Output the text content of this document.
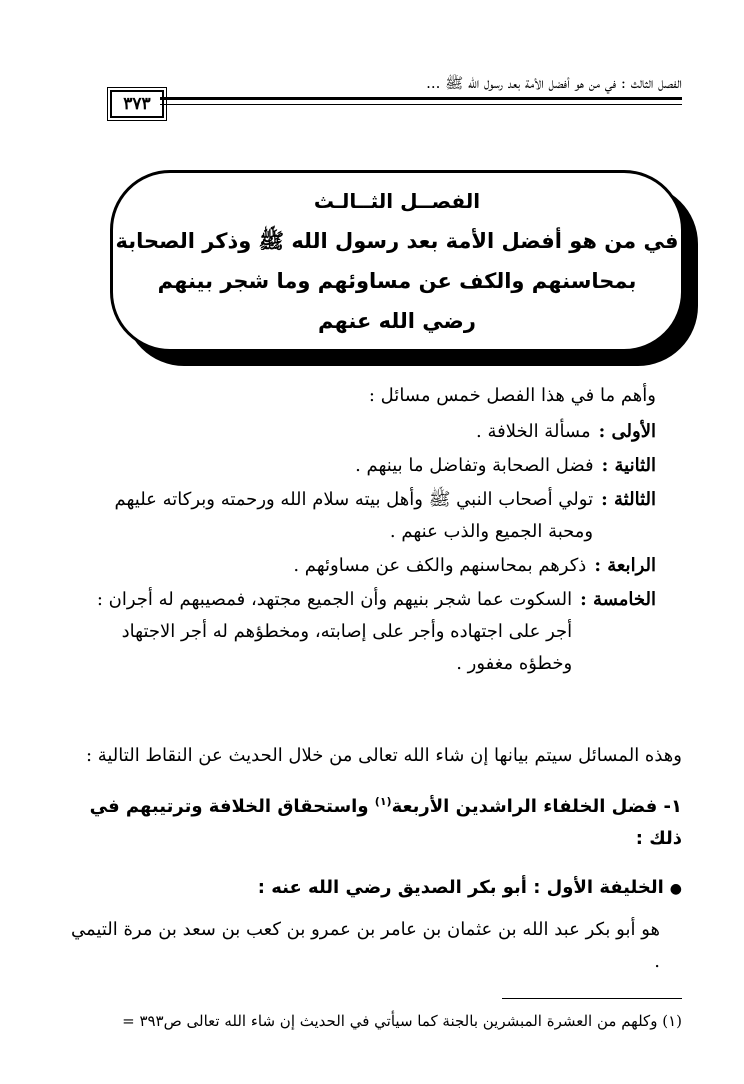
الفصل الثالث : في من هو أفضل الأمة بعد رسول الله ﷺ ...
٣٧٣
الفصــل الثــالـث
في من هو أفضل الأمة بعد رسول الله ﷺ وذكر الصحابة
بمحاسنهم والكف عن مساوئهم وما شجر بينهم
رضي الله عنهم

وأهم ما في هذا الفصل خمس مسائل :

الأولى :
مسألة الخلافة .
الثانية :
فضل الصحابة وتفاضل ما بينهم .
الثالثة :
تولي أصحاب النبي ﷺ وأهل بيته سلام الله ورحمته وبركاته عليهم ومحبة الجميع والذب عنهم .
الرابعة :
ذكرهم بمحاسنهم والكف عن مساوئهم .
الخامسة :
السكوت عما شجر بنيهم وأن الجميع مجتهد، فمصيبهم له أجران : أجر على اجتهاده وأجر على إصابته، ومخطؤهم له أجر الاجتهاد وخطؤه مغفور .
وهذه المسائل سيتم بيانها إن شاء الله تعالى من خلال الحديث عن النقاط التالية :
١- فضل الخلفاء الراشدين الأربعة$^{(١)}$ واستحقاق الخلافة وترتيبهم في ذلك :
●الخليفة الأول : أبو بكر الصديق رضي الله عنه :
هو أبو بكر عبد الله بن عثمان بن عامر بن عمرو بن كعب بن سعد بن مرة التيمي .
(١) وكلهم من العشرة المبشرين بالجنة كما سيأتي في الحديث إن شاء الله تعالى ص٣٩٣ =
